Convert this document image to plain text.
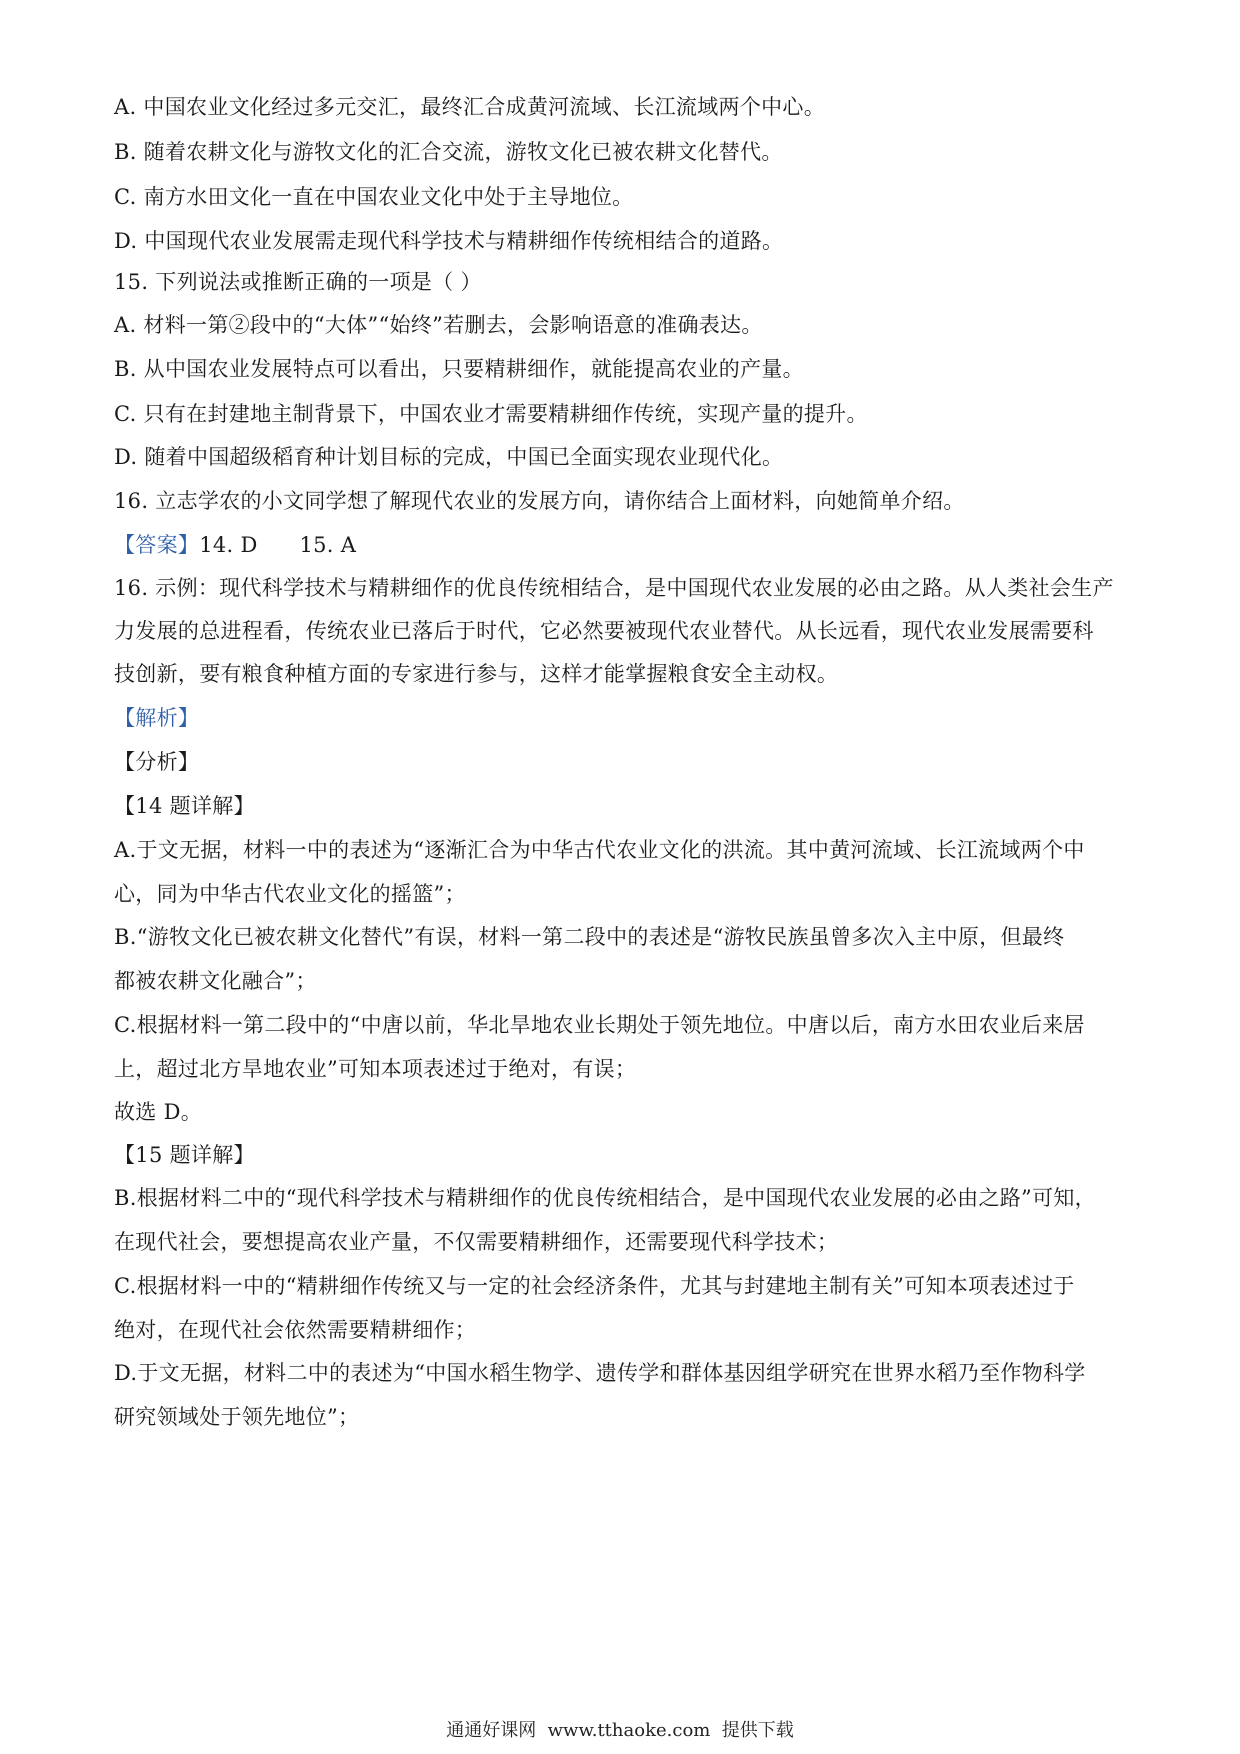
A. 中国农业文化经过多元交汇，最终汇合成黄河流域、长江流域两个中心。
B. 随着农耕文化与游牧文化的汇合交流，游牧文化已被农耕文化替代。
C. 南方水田文化一直在中国农业文化中处于主导地位。
D. 中国现代农业发展需走现代科学技术与精耕细作传统相结合的道路。
15. 下列说法或推断正确的一项是（ ）
A. 材料一第②段中的“大体”“始终”若删去，会影响语意的准确表达。
B. 从中国农业发展特点可以看出，只要精耕细作，就能提高农业的产量。
C. 只有在封建地主制背景下，中国农业才需要精耕细作传统，实现产量的提升。
D. 随着中国超级稻育种计划目标的完成，中国已全面实现农业现代化。
16. 立志学农的小文同学想了解现代农业的发展方向，请你结合上面材料，向她简单介绍。
【答案】14. D      15. A
16. 示例：现代科学技术与精耕细作的优良传统相结合，是中国现代农业发展的必由之路。从人类社会生产
力发展的总进程看，传统农业已落后于时代，它必然要被现代农业替代。从长远看，现代农业发展需要科
技创新，要有粮食种植方面的专家进行参与，这样才能掌握粮食安全主动权。
【解析】
【分析】
【14 题详解】
A.于文无据，材料一中的表述为“逐渐汇合为中华古代农业文化的洪流。其中黄河流域、长江流域两个中
心，同为中华古代农业文化的摇篮”；
B.“游牧文化已被农耕文化替代”有误，材料一第二段中的表述是“游牧民族虽曾多次入主中原，但最终
都被农耕文化融合”；
C.根据材料一第二段中的“中唐以前，华北旱地农业长期处于领先地位。中唐以后，南方水田农业后来居
上，超过北方旱地农业”可知本项表述过于绝对，有误；
故选 D。
【15 题详解】
B.根据材料二中的“现代科学技术与精耕细作的优良传统相结合，是中国现代农业发展的必由之路”可知，
在现代社会，要想提高农业产量，不仅需要精耕细作，还需要现代科学技术；
C.根据材料一中的“精耕细作传统又与一定的社会经济条件，尤其与封建地主制有关”可知本项表述过于
绝对，在现代社会依然需要精耕细作；
D.于文无据，材料二中的表述为“中国水稻生物学、遗传学和群体基因组学研究在世界水稻乃至作物科学
研究领域处于领先地位”；
通通好课网  www.tthaoke.com  提供下载
